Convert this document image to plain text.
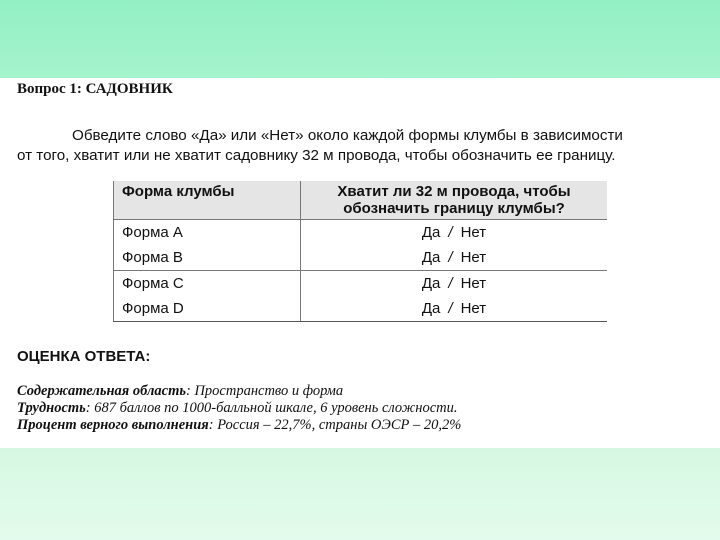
Вопрос 1: САДОВНИК
Обведите слово «Да» или «Нет» около каждой формы клумбы в зависимости
от того, хватит или не хватит садовнику 32 м провода, чтобы обозначить ее границу.
Форма клумбы	Хватит ли 32 м провода, чтобы обозначить границу клумбы?
Форма A	Да / Нет
Форма B	Да / Нет
Форма C	Да / Нет
Форма D	Да / Нет
ОЦЕНКА ОТВЕТА:
Содержательная область: Пространство и форма
Трудность: 687 баллов по 1000-балльной шкале, 6 уровень сложности.
Процент верного выполнения: Россия – 22,7%, страны ОЭСР – 20,2%
